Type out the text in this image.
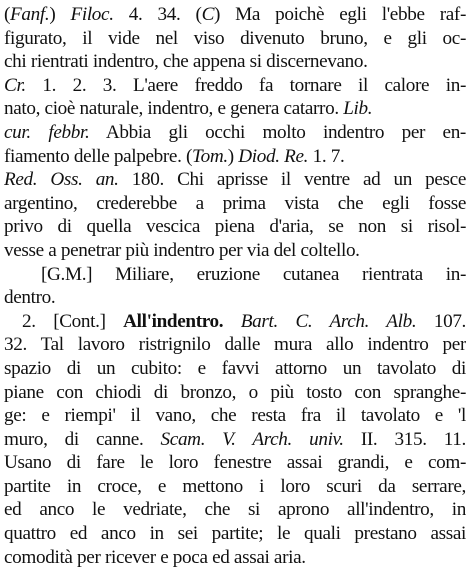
(Fanf.) Filoc. 4. 34. (C) Ma poichè egli l'ebbe raf-
figurato, il vide nel viso divenuto bruno, e gli oc-
chi rientrati indentro, che appena si discernevano.
Cr. 1. 2. 3. L'aere freddo fa tornare il calore in-
nato, cioè naturale, indentro, e genera catarro. Lib.
cur. febbr. Abbia gli occhi molto indentro per en-
fiamento delle palpebre. (Tom.) Diod. Re. 1. 7.
Red. Oss. an. 180. Chi aprisse il ventre ad un pesce
argentino, crederebbe a prima vista che egli fosse
privo di quella vescica piena d'aria, se non si risol-
vesse a penetrar più indentro per via del coltello.
[G.M.] Miliare, eruzione cutanea rientrata in-
dentro.
2. [Cont.] All'indentro. Bart. C. Arch. Alb. 107.
32. Tal lavoro ristrignilo dalle mura allo indentro per
spazio di un cubito: e favvi attorno un tavolato di
piane con chiodi di bronzo, o più tosto con spranghe-
ge: e riempi' il vano, che resta fra il tavolato e 'l
muro, di canne. Scam. V. Arch. univ. II. 315. 11.
Usano di fare le loro fenestre assai grandi, e com-
partite in croce, e mettono i loro scuri da serrare,
ed anco le vedriate, che si aprono all'indentro, in
quattro ed anco in sei partite; le quali prestano assai
comodità per ricever e poca ed assai aria.
